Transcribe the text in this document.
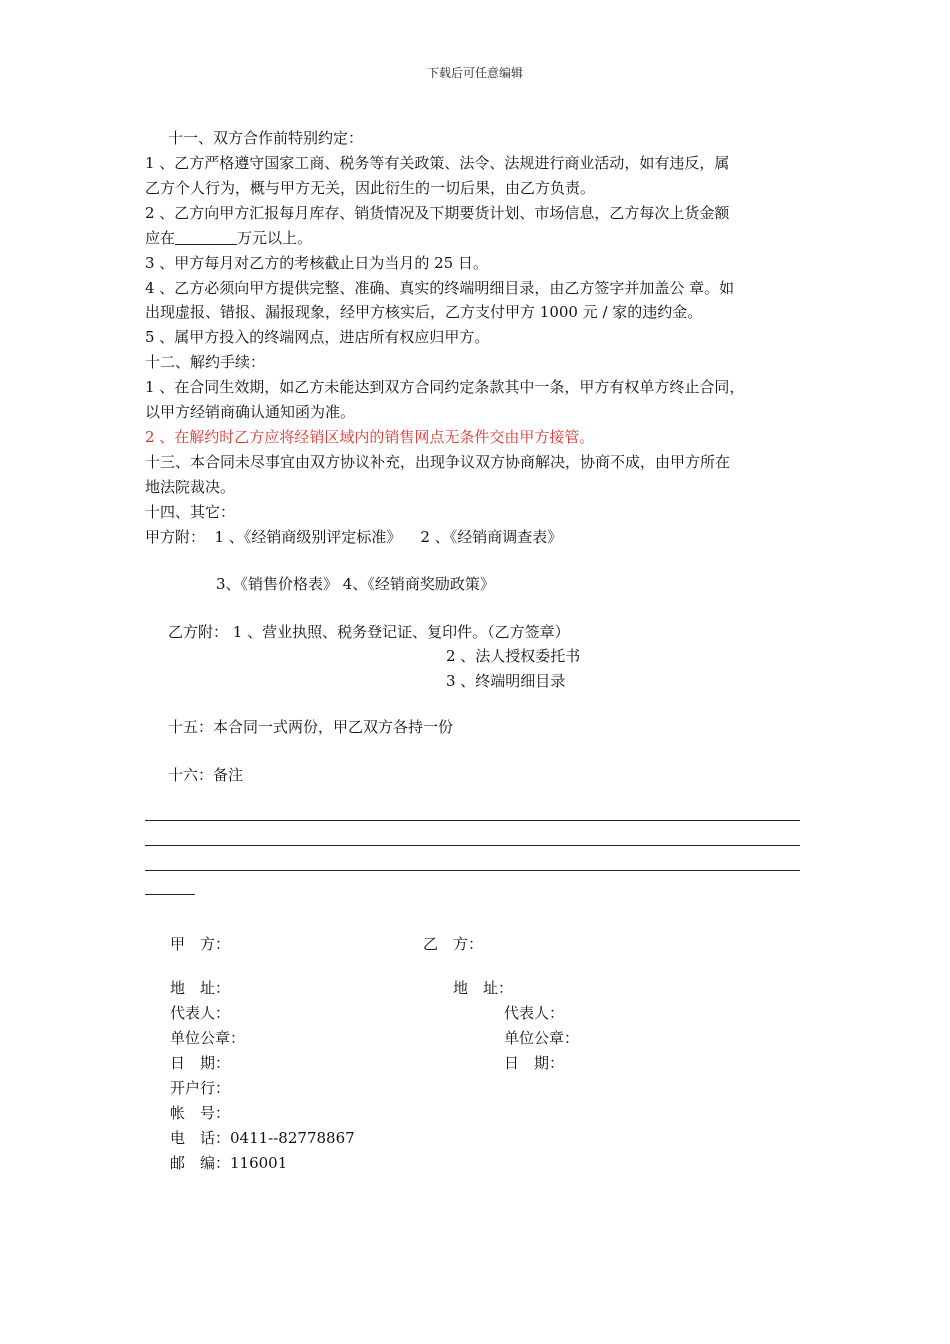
下载后可任意编辑
十一、双方合作前特别约定：
1 、乙方严格遵守国家工商、税务等有关政策、法令、法规进行商业活动，如有违反，属
乙方个人行为，概与甲方无关，因此衍生的一切后果，由乙方负责。
2 、乙方向甲方汇报每月库存、销货情况及下期要货计划、市场信息，乙方每次上货金额
应在	万元以上。
3 、甲方每月对乙方的考核截止日为当月的 25 日。
4 、乙方必须向甲方提供完整、准确、真实的终端明细目录，由乙方签字并加盖公 章。如
出现虚报、错报、漏报现象，经甲方核实后，乙方支付甲方 1000 元 / 家的违约金。
5 、属甲方投入的终端网点，进店所有权应归甲方。
十二、解约手续：
1 、在合同生效期，如乙方未能达到双方合同约定条款其中一条，甲方有权单方终止合同，
以甲方经销商确认通知函为准。
2 、在解约时乙方应将经销区域内的销售网点无条件交由甲方接管。
十三、本合同未尽事宜由双方协议补充，出现争议双方协商解决，协商不成，由甲方所在
地法院裁决。
十四、其它：
甲方附：  1 、《经销商级别评定标准》    2 、《经销商调查表》
3、《销售价格表》 4、《经销商奖励政策》
乙方附： 1 、营业执照、税务登记证、复印件。（乙方签章）
2 、法人授权委托书
3 、终端明细目录
十五：本合同一式两份，甲乙双方各持一份
十六：备注
甲　方：	乙　方：
地　址：	地　址：
代表人：	代表人：
单位公章：	单位公章：
日　期：	日　期：
开户行：
帐　号：
电　话：0411--82778867
邮　编：116001
